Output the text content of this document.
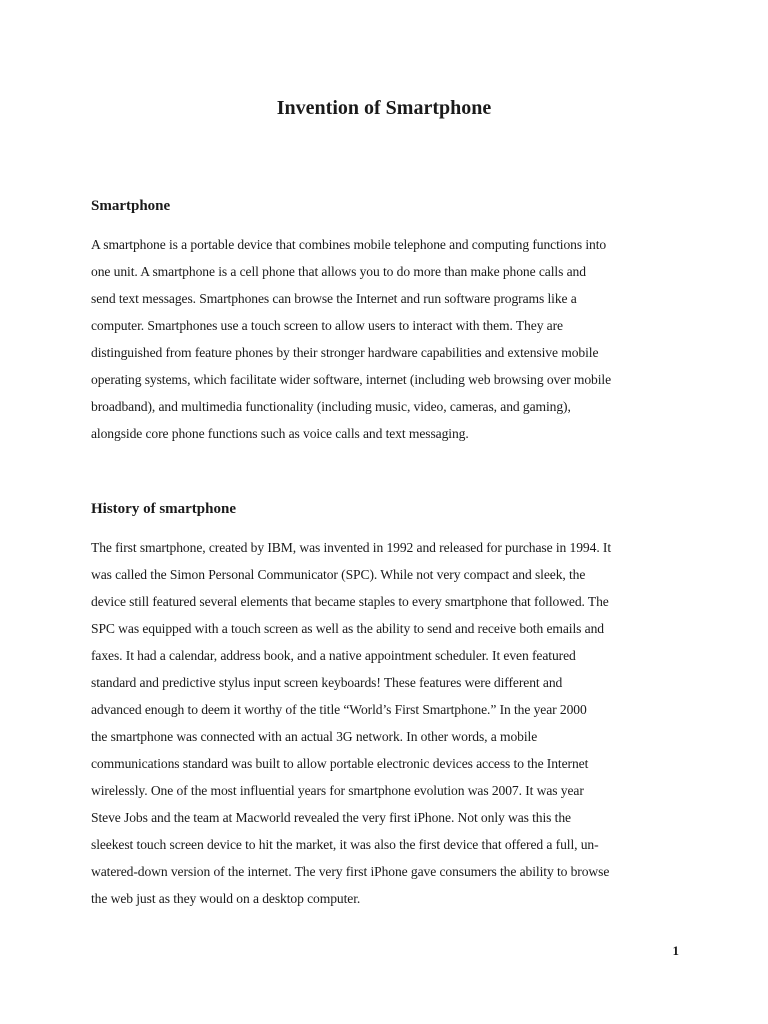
Invention of Smartphone
Smartphone

A smartphone is a portable device that combines mobile telephone and computing functions into
one unit. A smartphone is a cell phone that allows you to do more than make phone calls and
send text messages. Smartphones can browse the Internet and run software programs like a
computer. Smartphones use a touch screen to allow users to interact with them. They are
distinguished from feature phones by their stronger hardware capabilities and extensive mobile
operating systems, which facilitate wider software, internet (including web browsing over mobile
broadband), and multimedia functionality (including music, video, cameras, and gaming),
alongside core phone functions such as voice calls and text messaging.

History of smartphone

The first smartphone, created by IBM, was invented in 1992 and released for purchase in 1994. It
was called the Simon Personal Communicator (SPC). While not very compact and sleek, the
device still featured several elements that became staples to every smartphone that followed. The
SPC was equipped with a touch screen as well as the ability to send and receive both emails and
faxes. It had a calendar, address book, and a native appointment scheduler. It even featured
standard and predictive stylus input screen keyboards! These features were different and
advanced enough to deem it worthy of the title “World’s First Smartphone.” In the year 2000
the smartphone was connected with an actual 3G network. In other words, a mobile
communications standard was built to allow portable electronic devices access to the Internet
wirelessly. One of the most influential years for smartphone evolution was 2007. It was year
Steve Jobs and the team at Macworld revealed the very first iPhone. Not only was this the
sleekest touch screen device to hit the market, it was also the first device that offered a full, un-
watered-down version of the internet. The very first iPhone gave consumers the ability to browse
the web just as they would on a desktop computer.

1
